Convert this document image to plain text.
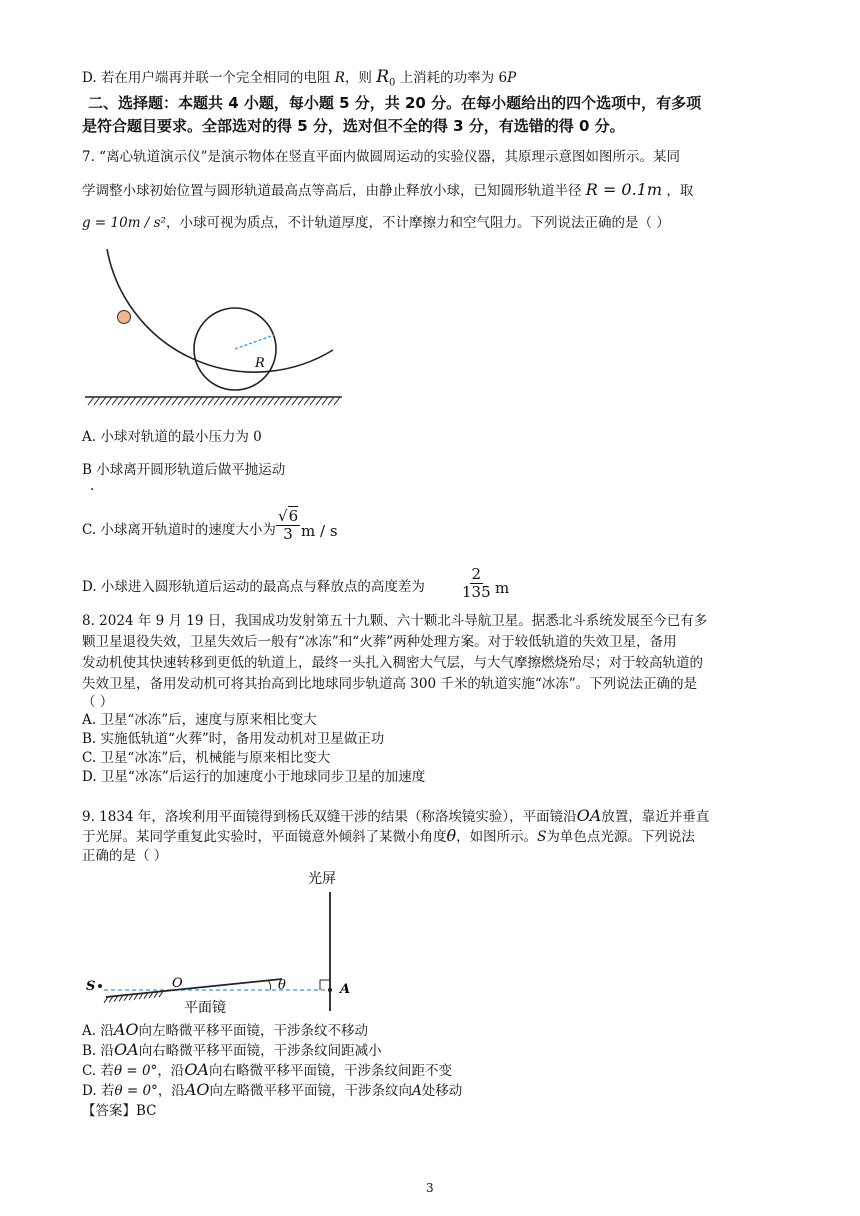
D. 若在用户端再并联一个完全相同的电阻 R，则 $R_0$ 上消耗的功率为 6P
二、选择题：本题共 4 小题，每小题 5 分，共 20 分。在每小题给出的四个选项中，有多项
是符合题目要求。全部选对的得 5 分，选对但不全的得 3 分，有选错的得 0 分。
7. “离心轨道演示仪”是演示物体在竖直平面内做圆周运动的实验仪器，其原理示意图如图所示。某同
学调整小球初始位置与圆形轨道最高点等高后，由静止释放小球，已知圆形轨道半径 R = 0.1m ，取
g = 10m / s²，小球可视为质点，不计轨道厚度，不计摩擦力和空气阻力。下列说法正确的是（ ）
R
A. 小球对轨道的最小压力为 0
B 小球离开圆形轨道后做平抛运动
.
C. 小球离开轨道时的速度大小为 $\frac{√6}{3}$ m / s
D. 小球进入圆形轨道后运动的最高点与释放点的高度差为 $\frac{2}{135}$ m
8. 2024 年 9 月 19 日，我国成功发射第五十九颗、六十颗北斗导航卫星。据悉北斗系统发展至今已有多
颗卫星退役失效，卫星失效后一般有“冰冻”和“火葬”两种处理方案。对于较低轨道的失效卫星，备用
发动机使其快速转移到更低的轨道上，最终一头扎入稠密大气层，与大气摩擦燃烧殆尽；对于较高轨道的
失效卫星，备用发动机可将其抬高到比地球同步轨道高 300 千米的轨道实施“冰冻”。下列说法正确的是
（ ）
A. 卫星“冰冻”后，速度与原来相比变大
B. 实施低轨道“火葬”时，备用发动机对卫星做正功
C. 卫星“冰冻”后，机械能与原来相比变大
D. 卫星“冰冻”后运行的加速度小于地球同步卫星的加速度
9. 1834 年，洛埃利用平面镜得到杨氏双缝干涉的结果（称洛埃镜实验），平面镜沿OA放置，靠近并垂直
于光屏。某同学重复此实验时，平面镜意外倾斜了某微小角度θ，如图所示。S为单色点光源。下列说法
正确的是（ ）
光屏
S	O	θ	A
平面镜
A. 沿AO向左略微平移平面镜，干涉条纹不移动
B. 沿OA向右略微平移平面镜，干涉条纹间距减小
C. 若θ = 0°，沿OA向右略微平移平面镜，干涉条纹间距不变
D. 若θ = 0°，沿AO向左略微平移平面镜，干涉条纹向A处移动
【答案】BC
3
